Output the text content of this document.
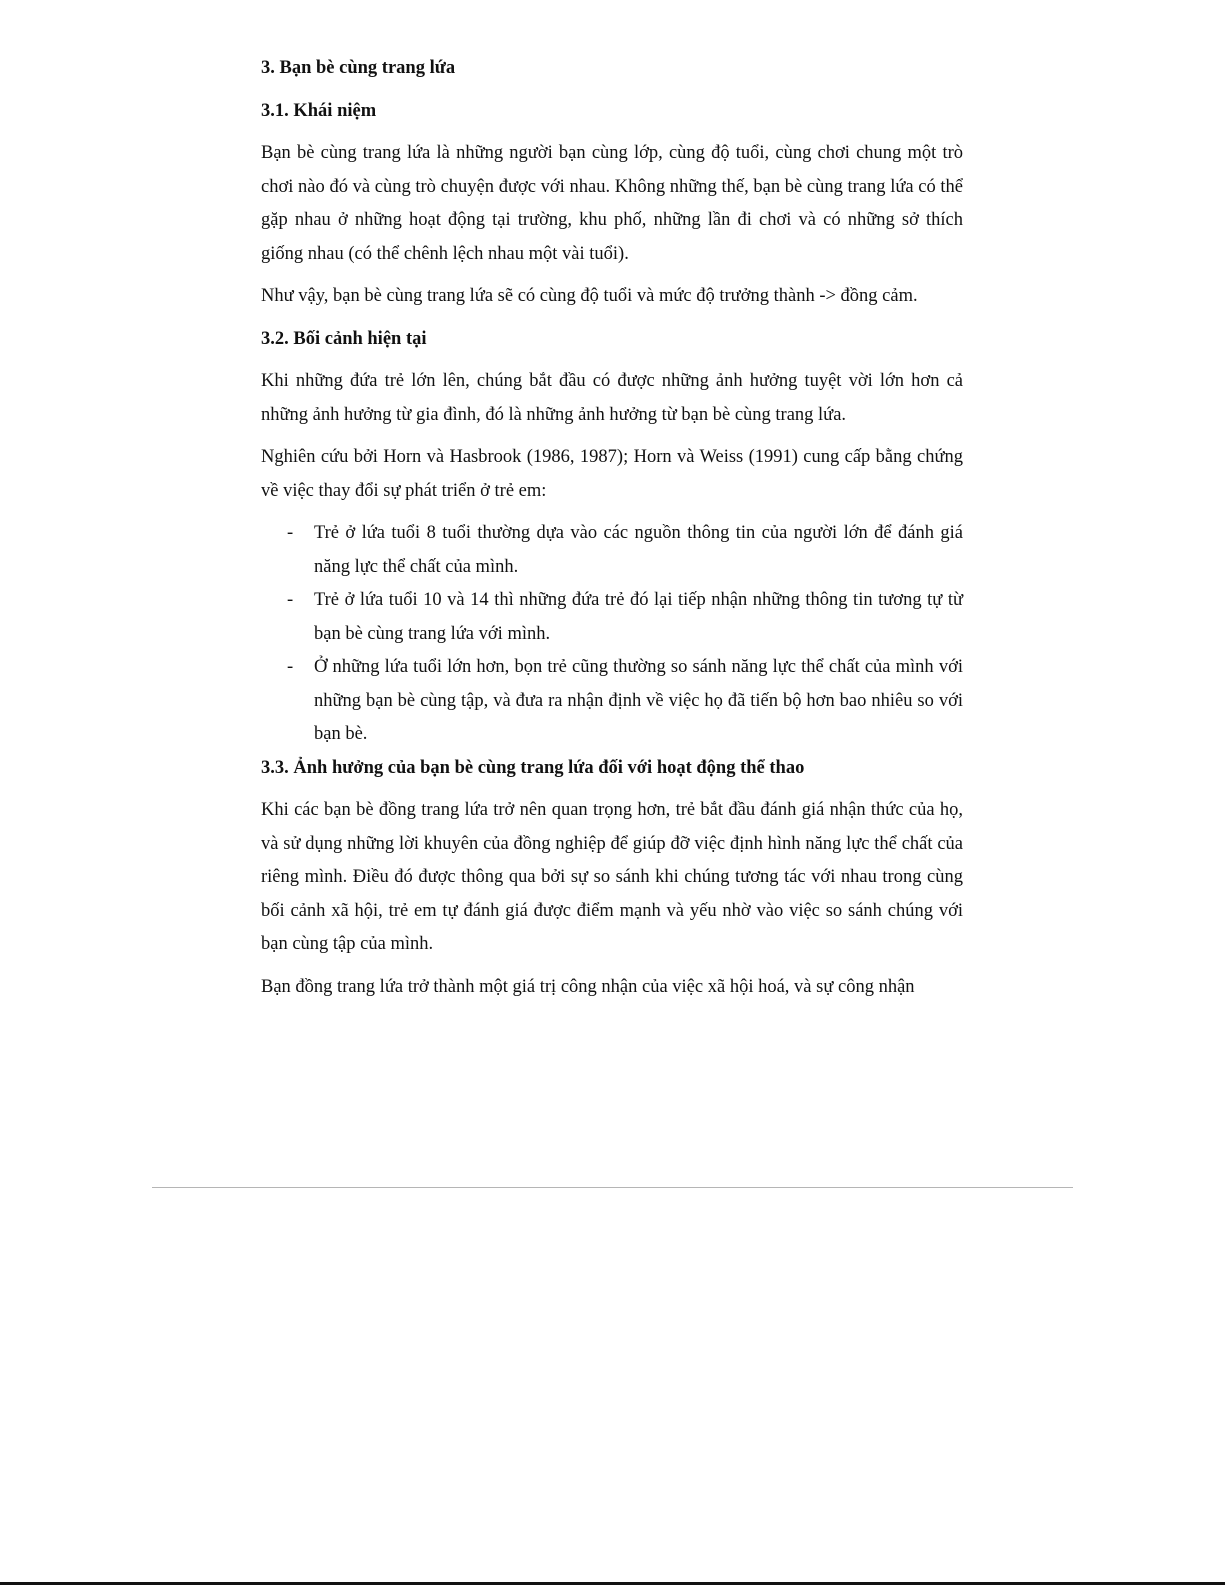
3. Bạn bè cùng trang lứa

3.1. Khái niệm

Bạn bè cùng trang lứa là những người bạn cùng lớp, cùng độ tuổi, cùng chơi chung một trò chơi nào đó và cùng trò chuyện được với nhau. Không những thế, bạn bè cùng trang lứa có thể gặp nhau ở những hoạt động tại trường, khu phố, những lần đi chơi và có những sở thích giống nhau (có thể chênh lệch nhau một vài tuổi).

Như vậy, bạn bè cùng trang lứa sẽ có cùng độ tuổi và mức độ trưởng thành -> đồng cảm.

3.2. Bối cảnh hiện tại

Khi những đứa trẻ lớn lên, chúng bắt đầu có được những ảnh hưởng tuyệt vời lớn hơn cả những ảnh hưởng từ gia đình, đó là những ảnh hưởng từ bạn bè cùng trang lứa.

Nghiên cứu bởi Horn và Hasbrook (1986, 1987); Horn và Weiss (1991) cung cấp bằng chứng về việc thay đổi sự phát triển ở trẻ em:

- Trẻ ở lứa tuổi 8 tuổi thường dựa vào các nguồn thông tin của người lớn để đánh giá năng lực thể chất của mình.
- Trẻ ở lứa tuổi 10 và 14 thì những đứa trẻ đó lại tiếp nhận những thông tin tương tự từ bạn bè cùng trang lứa với mình.
- Ở những lứa tuổi lớn hơn, bọn trẻ cũng thường so sánh năng lực thể chất của mình với những bạn bè cùng tập, và đưa ra nhận định về việc họ đã tiến bộ hơn bao nhiêu so với bạn bè.

3.3. Ảnh hưởng của bạn bè cùng trang lứa đối với hoạt động thể thao

Khi các bạn bè đồng trang lứa trở nên quan trọng hơn, trẻ bắt đầu đánh giá nhận thức của họ, và sử dụng những lời khuyên của đồng nghiệp để giúp đỡ việc định hình năng lực thể chất của riêng mình. Điều đó được thông qua bởi sự so sánh khi chúng tương tác với nhau trong cùng bối cảnh xã hội, trẻ em tự đánh giá được điểm mạnh và yếu nhờ vào việc so sánh chúng với bạn cùng tập của mình.

Bạn đồng trang lứa trở thành một giá trị công nhận của việc xã hội hoá, và sự công nhận
